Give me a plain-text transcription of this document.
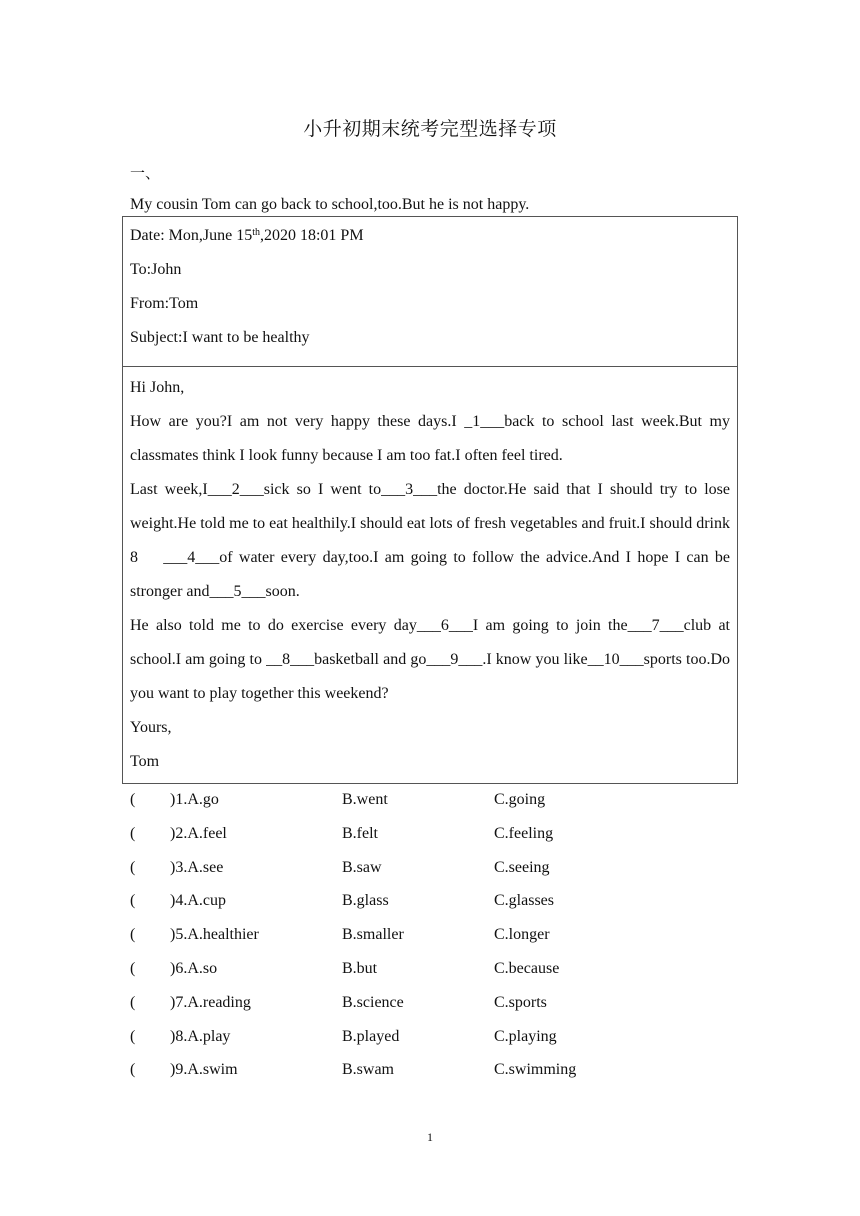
小升初期末统考完型选择专项
一、
My cousin Tom can go back to school,too.But he is not happy.
Date: Mon,June 15th,2020 18:01 PM
To:John
From:Tom
Subject:I want to be healthy

Hi John,

How are you?I am not very happy these days.I _1___back to school last week.But my classmates think I look funny because I am too fat.I often feel tired.

Last week,I___2___sick so I went to___3___the doctor.He said that I should try to lose weight.He told me to eat healthily.I should eat lots of fresh vegetables and fruit.I should drink 8    ___4___of water every day,too.I am going to follow the advice.And I hope I can be stronger and___5___soon.

He also told me to do exercise every day___6___I am going to join the___7___club at school.I am going to __8___basketball and go___9___.I know you like__10___sports too.Do you want to play together this weekend?

Yours,

Tom

( )1.A.go	B.went	C.going
( )2.A.feel	B.felt	C.feeling
( )3.A.see	B.saw	C.seeing
( )4.A.cup	B.glass	C.glasses
( )5.A.healthier	B.smaller	C.longer
( )6.A.so	B.but	C.because
( )7.A.reading	B.science	C.sports
( )8.A.play	B.played	C.playing
( )9.A.swim	B.swam	C.swimming
1
